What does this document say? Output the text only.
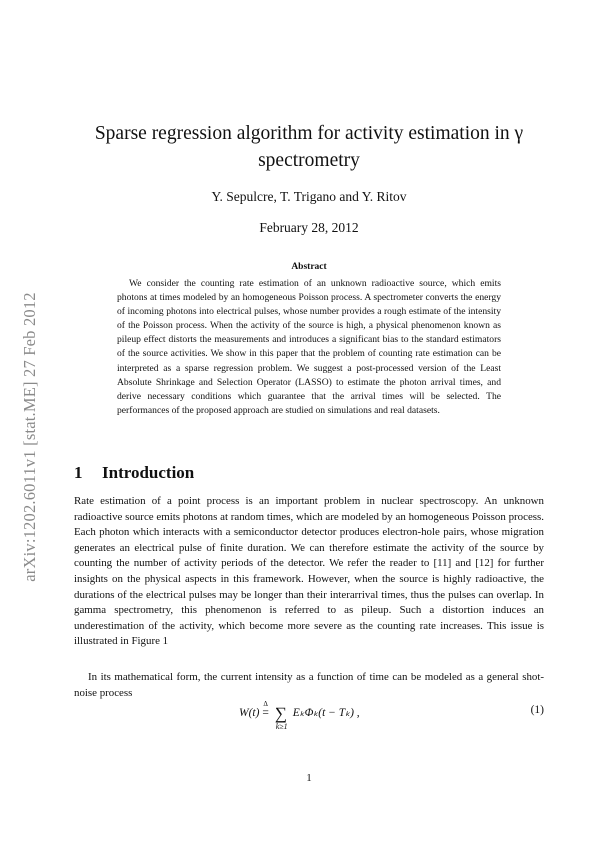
arXiv:1202.6011v1 [stat.ME] 27 Feb 2012
Sparse regression algorithm for activity estimation in γ spectrometry
Y. Sepulcre, T. Trigano and Y. Ritov
February 28, 2012
Abstract

We consider the counting rate estimation of an unknown radioactive source, which emits photons at times modeled by an homogeneous Poisson process. A spectrometer converts the energy of incoming photons into electrical pulses, whose number provides a rough estimate of the intensity of the Poisson process. When the activity of the source is high, a physical phenomenon known as pileup effect distorts the measurements and introduces a significant bias to the standard estimators of the source activities. We show in this paper that the problem of counting rate estimation can be interpreted as a sparse regression problem. We suggest a post-processed version of the Least Absolute Shrinkage and Selection Operator (LASSO) to estimate the photon arrival times, and derive necessary conditions which guarantee that the arrival times will be selected. The performances of the proposed approach are studied on simulations and real datasets.

1 Introduction

Rate estimation of a point process is an important problem in nuclear spectroscopy. An unknown radioactive source emits photons at random times, which are modeled by an homogeneous Poisson process. Each photon which interacts with a semiconductor detector produces electron-hole pairs, whose migration generates an electrical pulse of finite duration. We can therefore estimate the activity of the source by counting the number of activity periods of the detector. We refer the reader to [11] and [12] for further insights on the physical aspects in this framework. However, when the source is highly radioactive, the durations of the electrical pulses may be longer than their interarrival times, thus the pulses can overlap. In gamma spectrometry, this phenomenon is referred to as pileup. Such a distortion induces an underestimation of the activity, which become more severe as the counting rate increases. This issue is illustrated in Figure 1

In its mathematical form, the current intensity as a function of time can be modeled as a general shot-noise process

W(t)
Δ
= ∑
k≥1
EₖΦₖ(t − Tₖ) ,	(1)
1
